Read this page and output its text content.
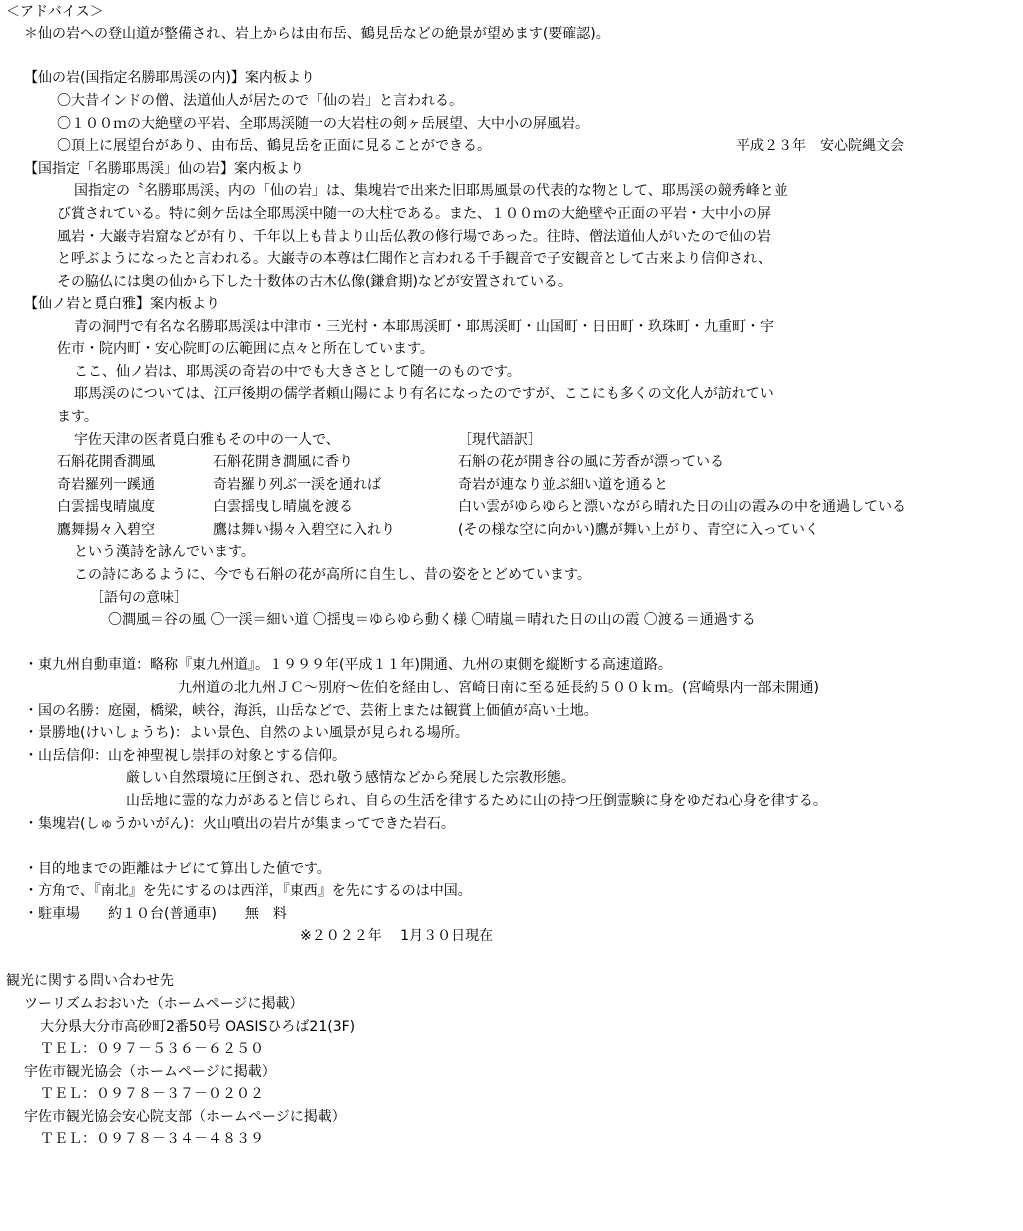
＜アドバイス＞
＊仙の岩への登山道が整備され、岩上からは由布岳、鶴見岳などの絶景が望めます(要確認)。
【仙の岩(国指定名勝耶馬渓の内)】案内板より
〇大昔インドの僧、法道仙人が居たので「仙の岩」と言われる。
〇１００ｍの大絶壁の平岩、全耶馬渓随一の大岩柱の剣ヶ岳展望、大中小の屏風岩。
〇頂上に展望台があり、由布岳、鶴見岳を正面に見ることができる。	平成２３年　安心院縄文会
【国指定「名勝耶馬渓」仙の岩】案内板より
国指定の〝名勝耶馬渓〟内の「仙の岩」は、集塊岩で出来た旧耶馬風景の代表的な物として、耶馬渓の競秀峰と並
び賞されている。特に剣ケ岳は全耶馬渓中随一の大柱である。また、１００ｍの大絶壁や正面の平岩・大中小の屏
風岩・大巌寺岩窟などが有り、千年以上も昔より山岳仏教の修行場であった。往時、僧法道仙人がいたので仙の岩
と呼ぶようになったと言われる。大巌寺の本尊は仁聞作と言われる千手観音で子安観音として古来より信仰され、
その脇仏には奥の仙から下した十数体の古木仏像(鎌倉期)などが安置されている。
【仙ノ岩と覓白雅】案内板より
青の洞門で有名な名勝耶馬渓は中津市・三光村・本耶馬渓町・耶馬渓町・山国町・日田町・玖珠町・九重町・宇
佐市・院内町・安心院町の広範囲に点々と所在しています。
ここ、仙ノ岩は、耶馬渓の奇岩の中でも大きさとして随一のものです。
耶馬渓のについては、江戸後期の儒学者頼山陽により有名になったのですが、ここにも多くの文化人が訪れてい
ます。
宇佐天津の医者覓白雅もその中の一人で、	［現代語訳］
石斛花開香澗風	石斛花開き澗風に香り	石斛の花が開き谷の風に芳香が漂っている
奇岩羅列一蹊通	奇岩羅り列ぶ一渓を通れば	奇岩が連なり並ぶ細い道を通ると
白雲揺曳晴嵐度	白雲揺曳し晴嵐を渡る	白い雲がゆらゆらと漂いながら晴れた日の山の霞みの中を通過している
鷹舞揚々入碧空	鷹は舞い揚々入碧空に入れり	(その様な空に向かい)鷹が舞い上がり、青空に入っていく
という漢詩を詠んでいます。
この詩にあるように、今でも石斛の花が高所に自生し、昔の姿をとどめています。
［語句の意味］
〇澗風＝谷の風 〇一渓＝細い道 〇揺曳＝ゆらゆら動く様 〇晴嵐＝晴れた日の山の霞 〇渡る＝通過する
・東九州自動車道：略称『東九州道』。１９９９年(平成１１年)開通、九州の東側を縦断する高速道路。
九州道の北九州ＪＣ～別府～佐伯を経由し、宮崎日南に至る延長約５００ｋｍ。(宮崎県内一部未開通)
・国の名勝：庭園，橋梁，峡谷，海浜，山岳などで、芸術上または観賞上価値が高い土地。
・景勝地(けいしょうち)：よい景色、自然のよい風景が見られる場所。
・山岳信仰：山を神聖視し崇拝の対象とする信仰。
厳しい自然環境に圧倒され、恐れ敬う感情などから発展した宗教形態。
山岳地に霊的な力があると信じられ、自らの生活を律するために山の持つ圧倒霊験に身をゆだね心身を律する。
・集塊岩(しゅうかいがん)：火山噴出の岩片が集まってできた岩石。
・目的地までの距離はナビにて算出した値です。
・方角で、『南北』を先にするのは西洋，『東西』を先にするのは中国。
・駐車場　　約１０台(普通車)　　無　料
※２０２２年　 1月３０日現在
観光に関する問い合わせ先
ツーリズムおおいた（ホームページに掲載）
大分県大分市高砂町2番50号 OASISひろば21(3F)
ＴＥＬ：０９７－５３６－６２５０
宇佐市観光協会（ホームページに掲載）
ＴＥＬ：０９７８－３７－０２０２
宇佐市観光協会安心院支部（ホームページに掲載）
ＴＥＬ：０９７８－３４－４８３９
